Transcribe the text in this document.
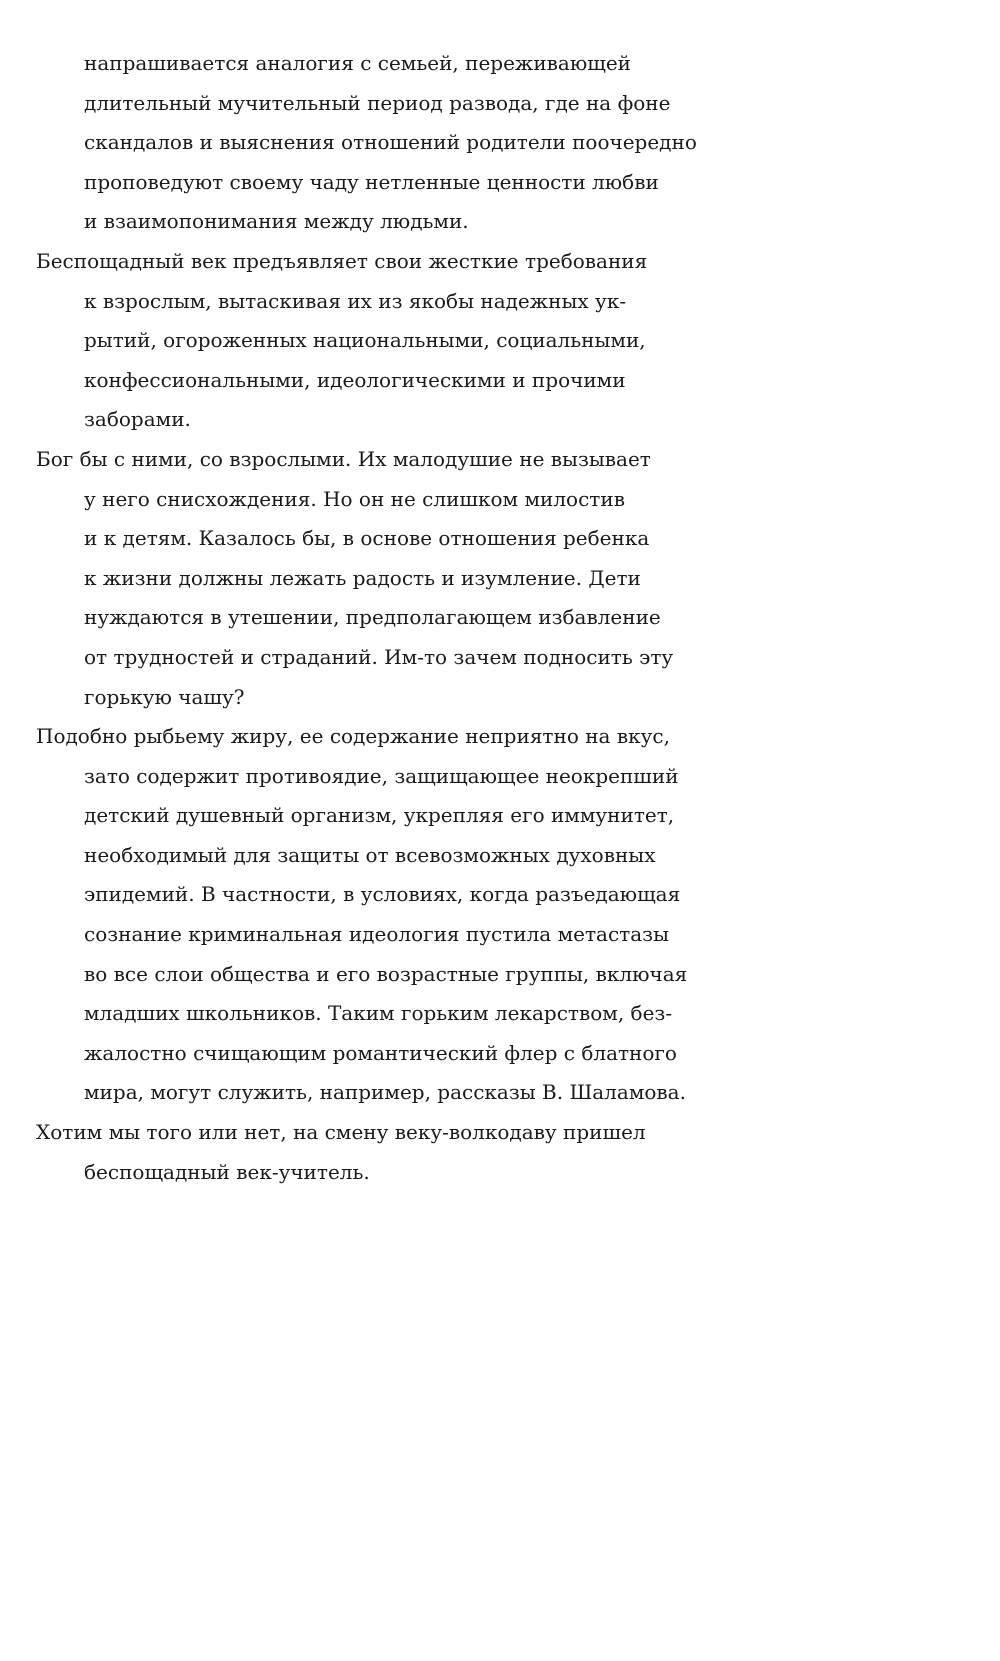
напрашивается аналогия с семьей, переживающей
длительный мучительный период развода, где на фоне
скандалов и выяснения отношений родители поочередно
проповедуют своему чаду нетленные ценности любви
и взаимопонимания между людьми.
Беспощадный век предъявляет свои жесткие требования
к взрослым, вытаскивая их из якобы надежных ук-
рытий, огороженных национальными, социальными,
конфессиональными, идеологическими и прочими
заборами.
Бог бы с ними, со взрослыми. Их малодушие не вызывает
у него снисхождения. Но он не слишком милостив
и к детям. Казалось бы, в основе отношения ребенка
к жизни должны лежать радость и изумление. Дети
нуждаются в утешении, предполагающем избавление
от трудностей и страданий. Им-то зачем подносить эту
горькую чашу?
Подобно рыбьему жиру, ее содержание неприятно на вкус,
зато содержит противоядие, защищающее неокрепший
детский душевный организм, укрепляя его иммунитет,
необходимый для защиты от всевозможных духовных
эпидемий. В частности, в условиях, когда разъедающая
сознание криминальная идеология пустила метастазы
во все слои общества и его возрастные группы, включая
младших школьников. Таким горьким лекарством, без-
жалостно счищающим романтический флер с блатного
мира, могут служить, например, рассказы В. Шаламова.
Хотим мы того или нет, на смену веку-волкодаву пришел
беспощадный век-учитель.
